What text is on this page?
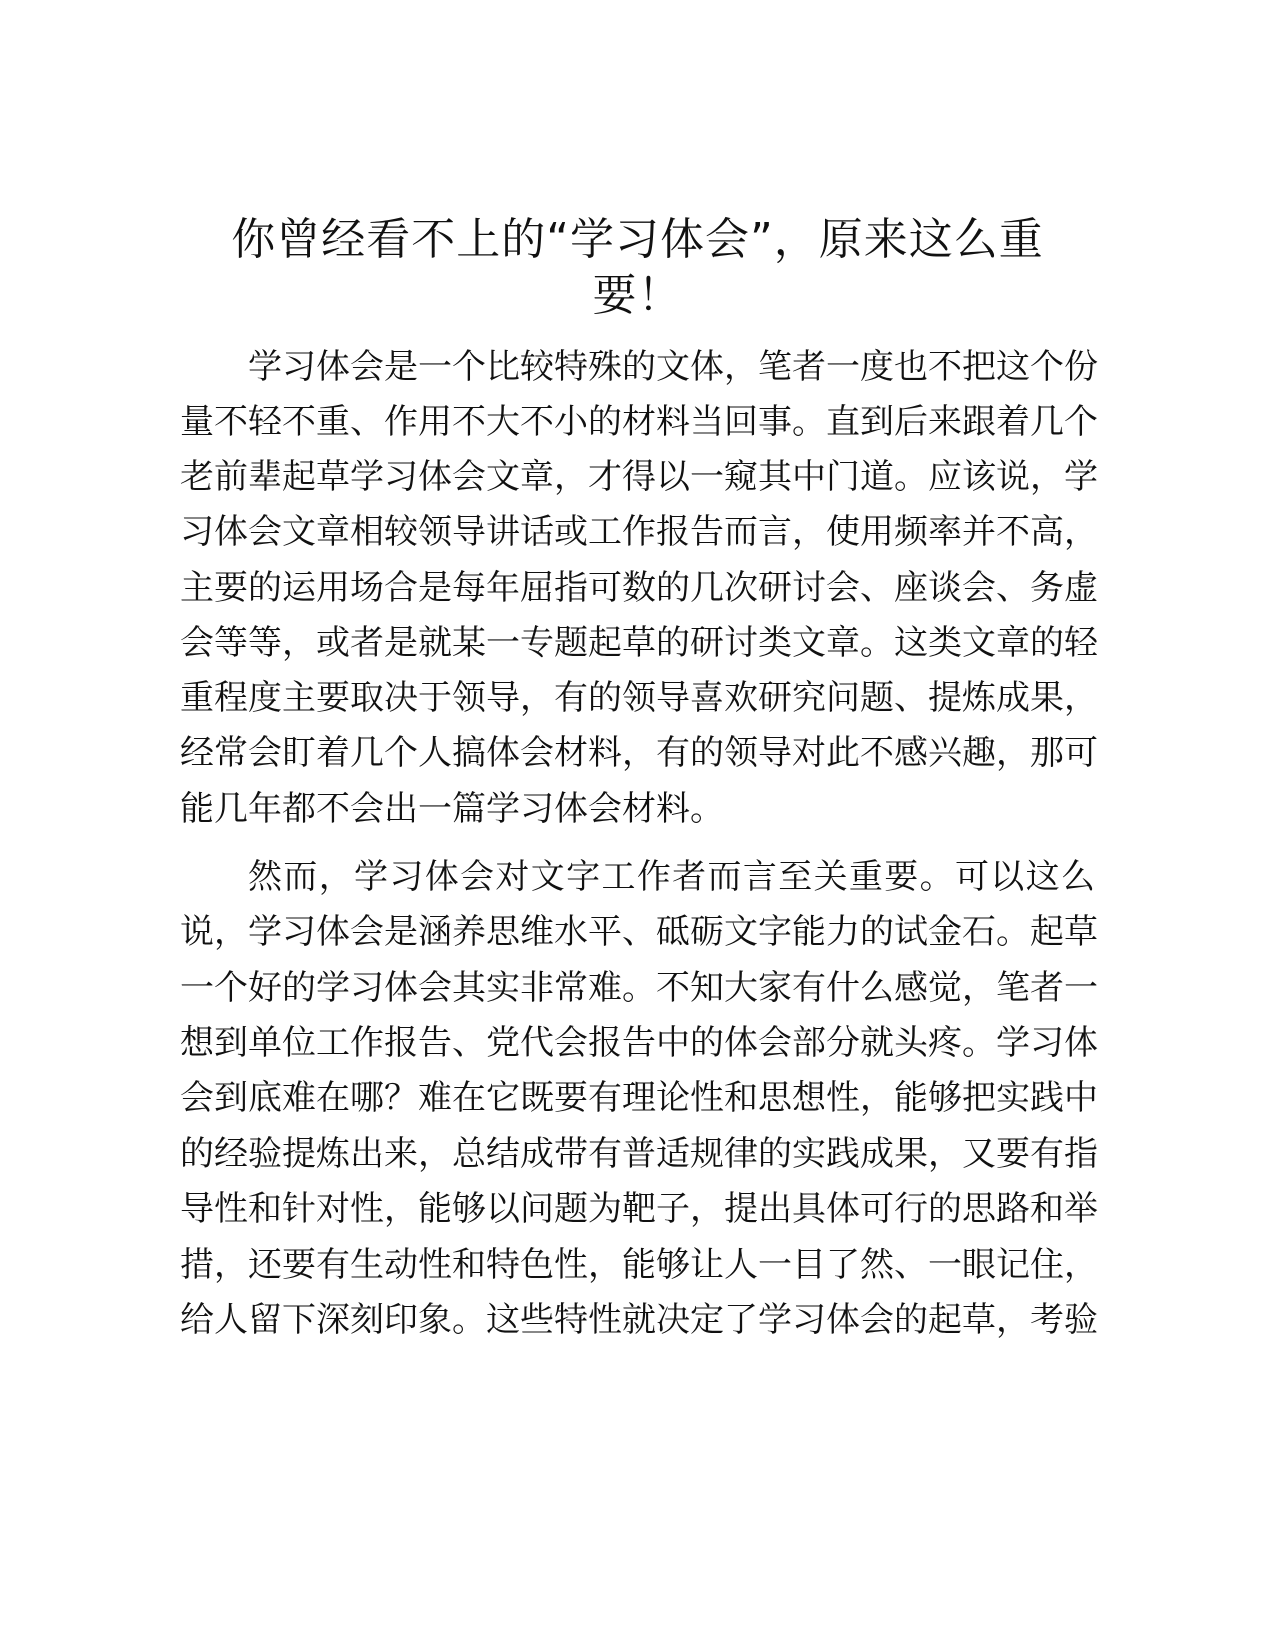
你曾经看不上的“学习体会”，原来这么重
要！
学习体会是一个比较特殊的文体，笔者一度也不把这个份
量不轻不重、作用不大不小的材料当回事。直到后来跟着几个
老前辈起草学习体会文章，才得以一窥其中门道。应该说，学
习体会文章相较领导讲话或工作报告而言，使用频率并不高，
主要的运用场合是每年屈指可数的几次研讨会、座谈会、务虚
会等等，或者是就某一专题起草的研讨类文章。这类文章的轻
重程度主要取决于领导，有的领导喜欢研究问题、提炼成果，
经常会盯着几个人搞体会材料，有的领导对此不感兴趣，那可
能几年都不会出一篇学习体会材料。
然而，学习体会对文字工作者而言至关重要。可以这么
说，学习体会是涵养思维水平、砥砺文字能力的试金石。起草
一个好的学习体会其实非常难。不知大家有什么感觉，笔者一
想到单位工作报告、党代会报告中的体会部分就头疼。学习体
会到底难在哪？难在它既要有理论性和思想性，能够把实践中
的经验提炼出来，总结成带有普适规律的实践成果，又要有指
导性和针对性，能够以问题为靶子，提出具体可行的思路和举
措，还要有生动性和特色性，能够让人一目了然、一眼记住，
给人留下深刻印象。这些特性就决定了学习体会的起草，考验
